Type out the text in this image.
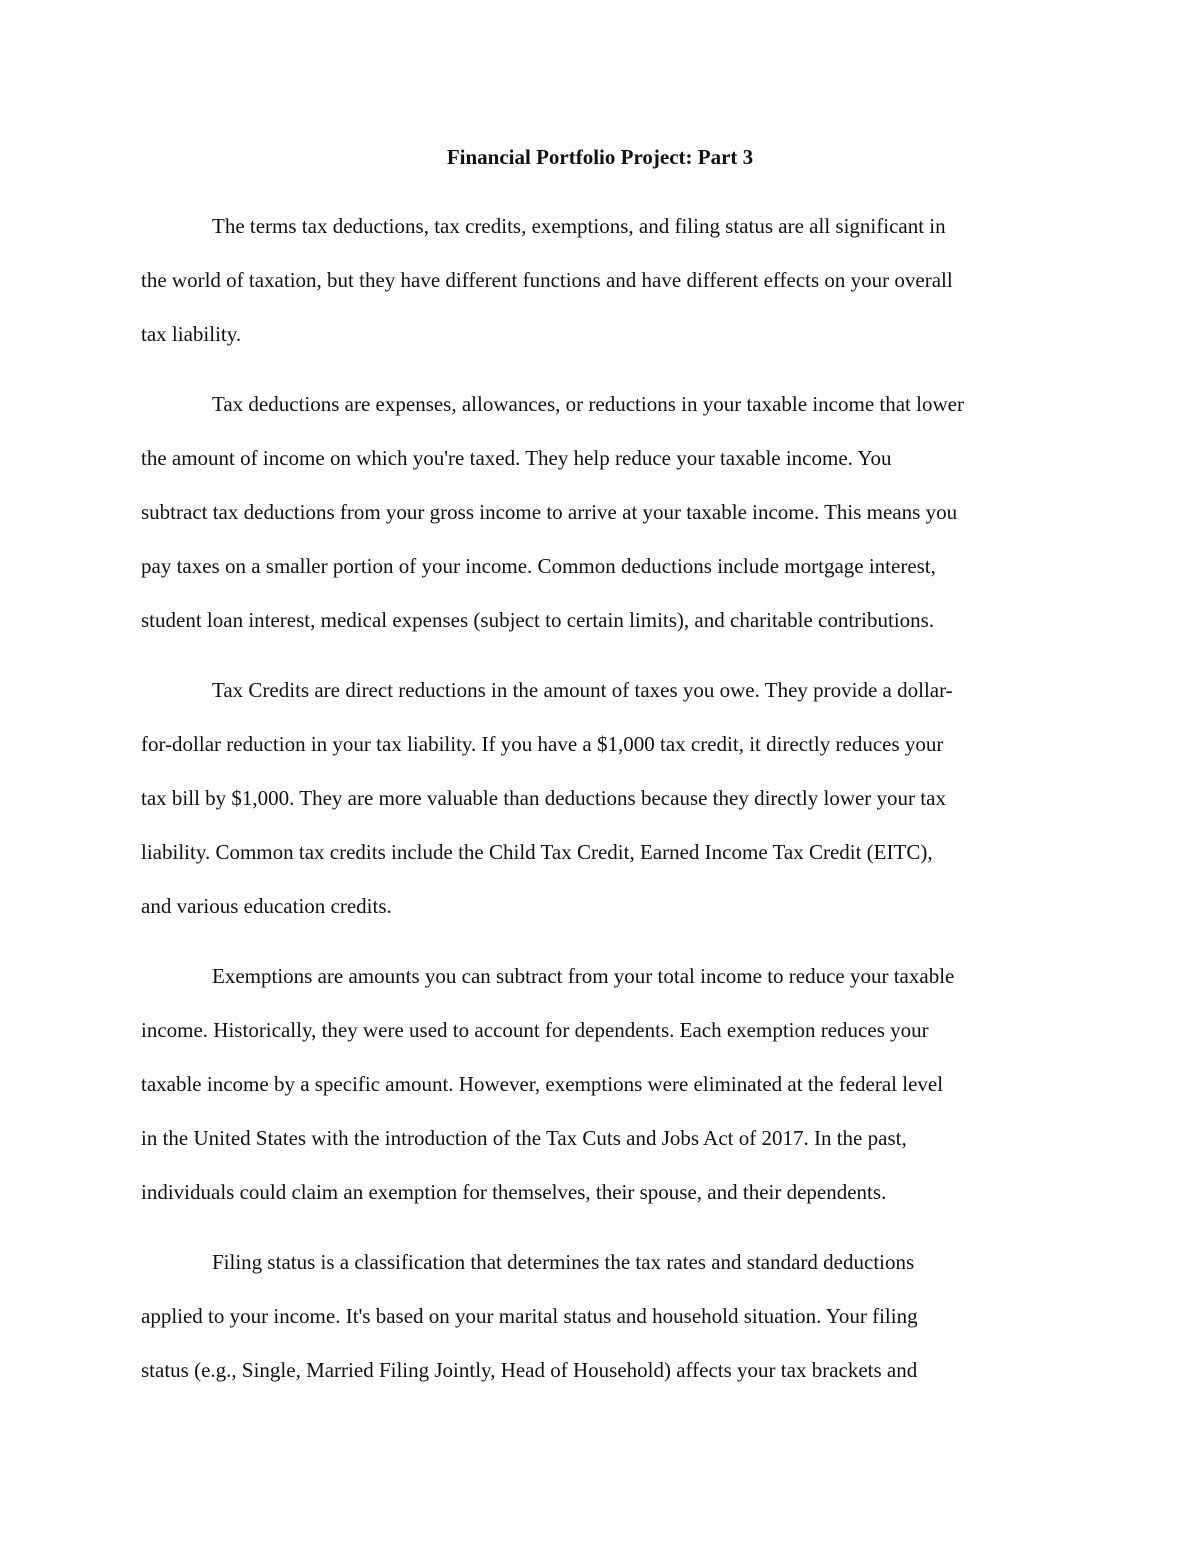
Financial Portfolio Project: Part 3
The terms tax deductions, tax credits, exemptions, and filing status are all significant in
the world of taxation, but they have different functions and have different effects on your overall
tax liability.
Tax deductions are expenses, allowances, or reductions in your taxable income that lower
the amount of income on which you're taxed. They help reduce your taxable income. You
subtract tax deductions from your gross income to arrive at your taxable income. This means you
pay taxes on a smaller portion of your income. Common deductions include mortgage interest,
student loan interest, medical expenses (subject to certain limits), and charitable contributions.
Tax Credits are direct reductions in the amount of taxes you owe. They provide a dollar-
for-dollar reduction in your tax liability. If you have a $1,000 tax credit, it directly reduces your
tax bill by $1,000. They are more valuable than deductions because they directly lower your tax
liability. Common tax credits include the Child Tax Credit, Earned Income Tax Credit (EITC),
and various education credits.
Exemptions are amounts you can subtract from your total income to reduce your taxable
income. Historically, they were used to account for dependents. Each exemption reduces your
taxable income by a specific amount. However, exemptions were eliminated at the federal level
in the United States with the introduction of the Tax Cuts and Jobs Act of 2017. In the past,
individuals could claim an exemption for themselves, their spouse, and their dependents.
Filing status is a classification that determines the tax rates and standard deductions
applied to your income. It's based on your marital status and household situation. Your filing
status (e.g., Single, Married Filing Jointly, Head of Household) affects your tax brackets and
